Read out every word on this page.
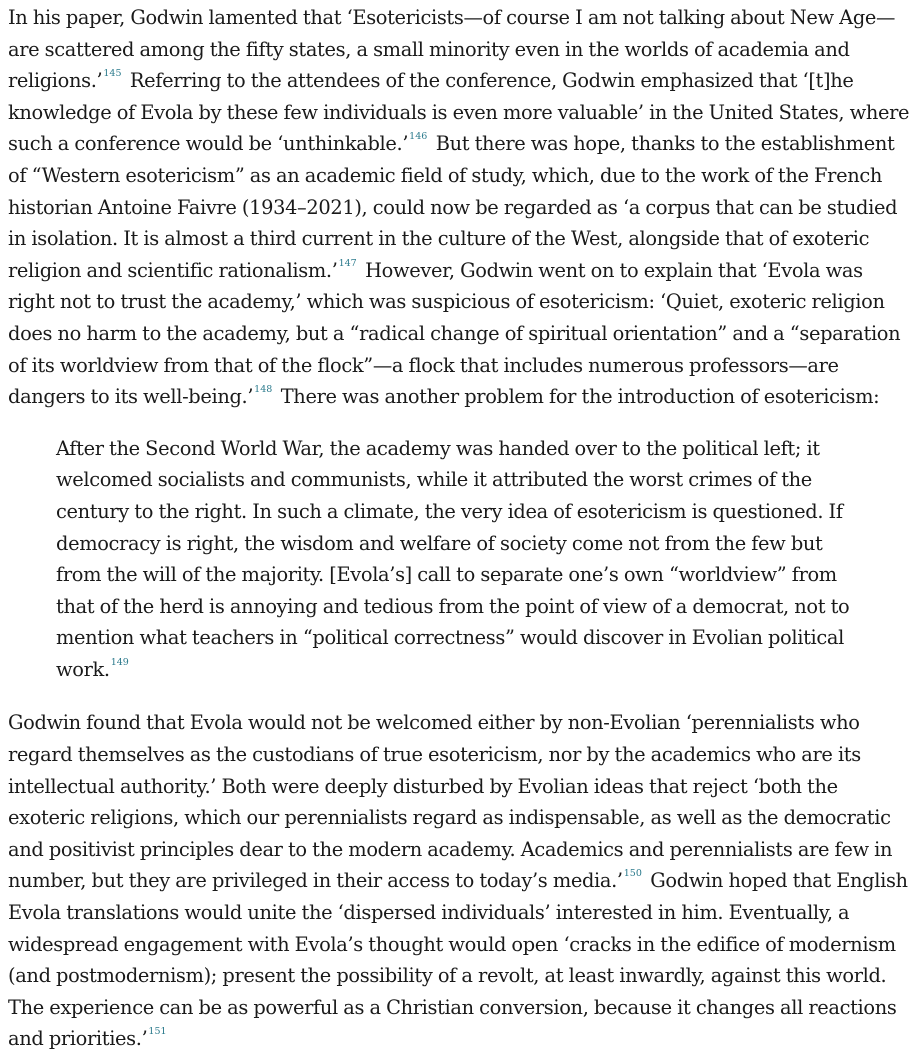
In his paper, Godwin lamented that ‘Esotericists—of course I am not talking about New Age—are scattered among the fifty states, a small minority even in the worlds of academia and religions.’$^{145}$ Referring to the attendees of the conference, Godwin emphasized that ‘[t]he knowledge of Evola by these few individuals is even more valuable’ in the United States, where such a conference would be ‘unthinkable.’$^{146}$ But there was hope, thanks to the establishment of “Western esotericism” as an academic field of study, which, due to the work of the French historian Antoine Faivre (1934–2021), could now be regarded as ‘a corpus that can be studied in isolation. It is almost a third current in the culture of the West, alongside that of exoteric religion and scientific rationalism.’$^{147}$ However, Godwin went on to explain that ‘Evola was right not to trust the academy,’ which was suspicious of esotericism: ‘Quiet, exoteric religion does no harm to the academy, but a “radical change of spiritual orientation” and a “separation of its worldview from that of the flock”—a flock that includes numerous professors—are dangers to its well-being.’$^{148}$ There was another problem for the introduction of esotericism:

After the Second World War, the academy was handed over to the political left; it welcomed socialists and communists, while it attributed the worst crimes of the century to the right. In such a climate, the very idea of esotericism is questioned. If democracy is right, the wisdom and welfare of society come not from the few but from the will of the majority. [Evola’s] call to separate one’s own “worldview” from that of the herd is annoying and tedious from the point of view of a democrat, not to mention what teachers in “political correctness” would discover in Evolian political work.$^{149}$

Godwin found that Evola would not be welcomed either by non-Evolian ‘perennialists who regard themselves as the custodians of true esotericism, nor by the academics who are its intellectual authority.’ Both were deeply disturbed by Evolian ideas that reject ‘both the exoteric religions, which our perennialists regard as indispensable, as well as the democratic and positivist principles dear to the modern academy. Academics and perennialists are few in number, but they are privileged in their access to today’s media.’$^{150}$ Godwin hoped that English Evola translations would unite the ‘dispersed individuals’ interested in him. Eventually, a widespread engagement with Evola’s thought would open ‘cracks in the edifice of modernism (and postmodernism); present the possibility of a revolt, at least inwardly, against this world. The experience can be as powerful as a Christian conversion, because it changes all reactions and priorities.’$^{151}$
